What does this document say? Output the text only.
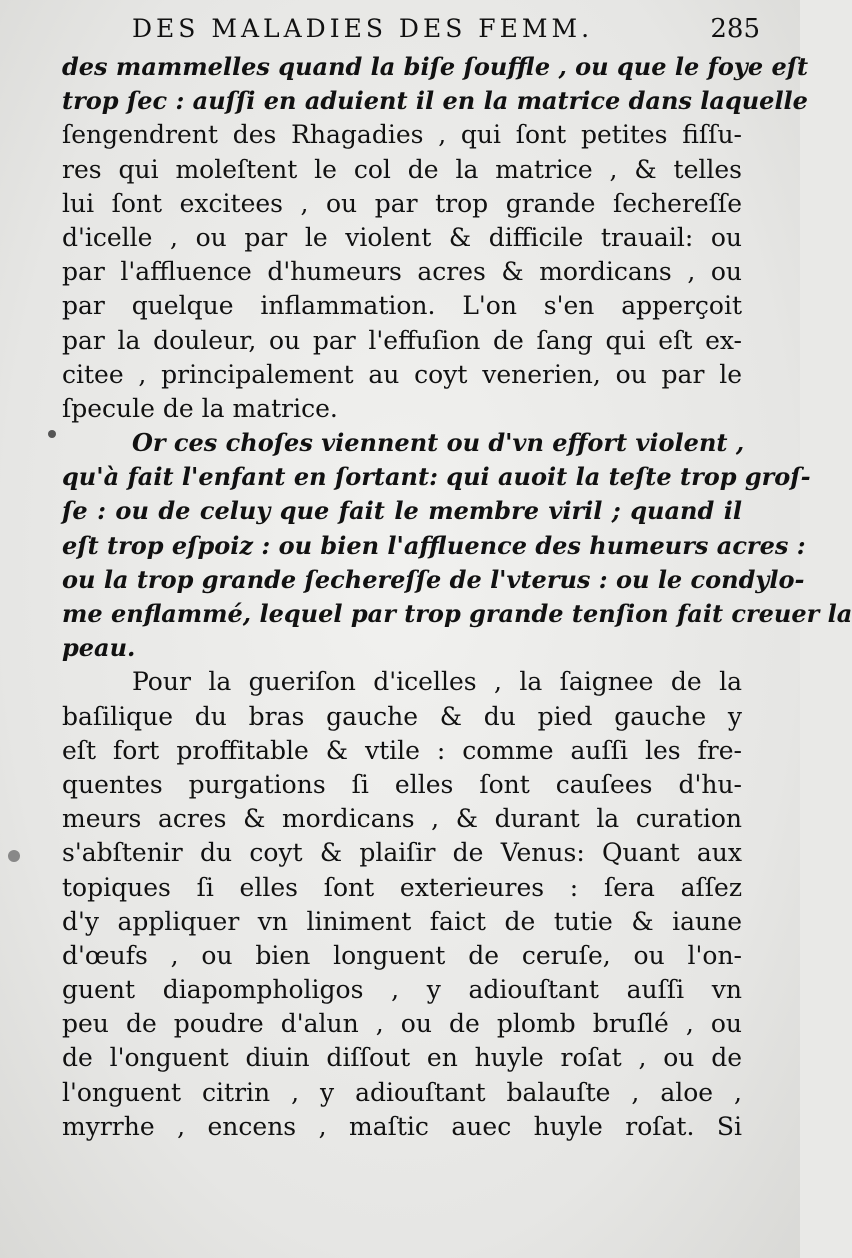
DES MALADIES DES FEMM.	285
des mammelles quand la biſe ſouffle , ou que le foye eſt
trop ſec : auſſi en aduient il en la matrice dans laquelle
ſengendrent des Rhagadies , qui ſont petites fiſſu-
res qui moleſtent le col de la matrice , & telles
lui ſont excitees , ou par trop grande ſechereſſe
d'icelle , ou par le violent & difficile trauail: ou
par l'affluence d'humeurs acres & mordicans , ou
par quelque inflammation. L'on s'en apperçoit
par la douleur, ou par l'effuſion de ſang qui eſt ex-
citee , principalement au coyt venerien, ou par le
ſpecule de la matrice.
Or ces choſes viennent ou d'vn effort violent ,
qu'à fait l'enfant en ſortant: qui auoit la teſte trop groſ-
ſe : ou de celuy que fait le membre viril ; quand il
eſt trop eſpoiz : ou bien l'affluence des humeurs acres :
ou la trop grande ſechereſſe de l'vterus : ou le condylo-
me enflammé, lequel par trop grande tenſion fait creuer la
peau.
Pour la gueriſon d'icelles , la ſaignee de la
baſilique du bras gauche & du pied gauche y
eſt fort proffitable & vtile : comme auſſi les fre-
quentes purgations ſi elles ſont cauſees d'hu-
meurs acres & mordicans , & durant la curation
s'abſtenir du coyt & plaiſir de Venus: Quant aux
topiques ſi elles ſont exterieures : ſera aſſez
d'y appliquer vn liniment faict de tutie & iaune
d'œufs , ou bien longuent de ceruſe, ou l'on-
guent diapompholigos , y adiouſtant auſſi vn
peu de poudre d'alun , ou de plomb bruſlé , ou
de l'onguent diuin diſſout en huyle roſat , ou de
l'onguent citrin , y adiouſtant balauſte , aloe ,
myrrhe , encens , maſtic auec huyle roſat. Si
